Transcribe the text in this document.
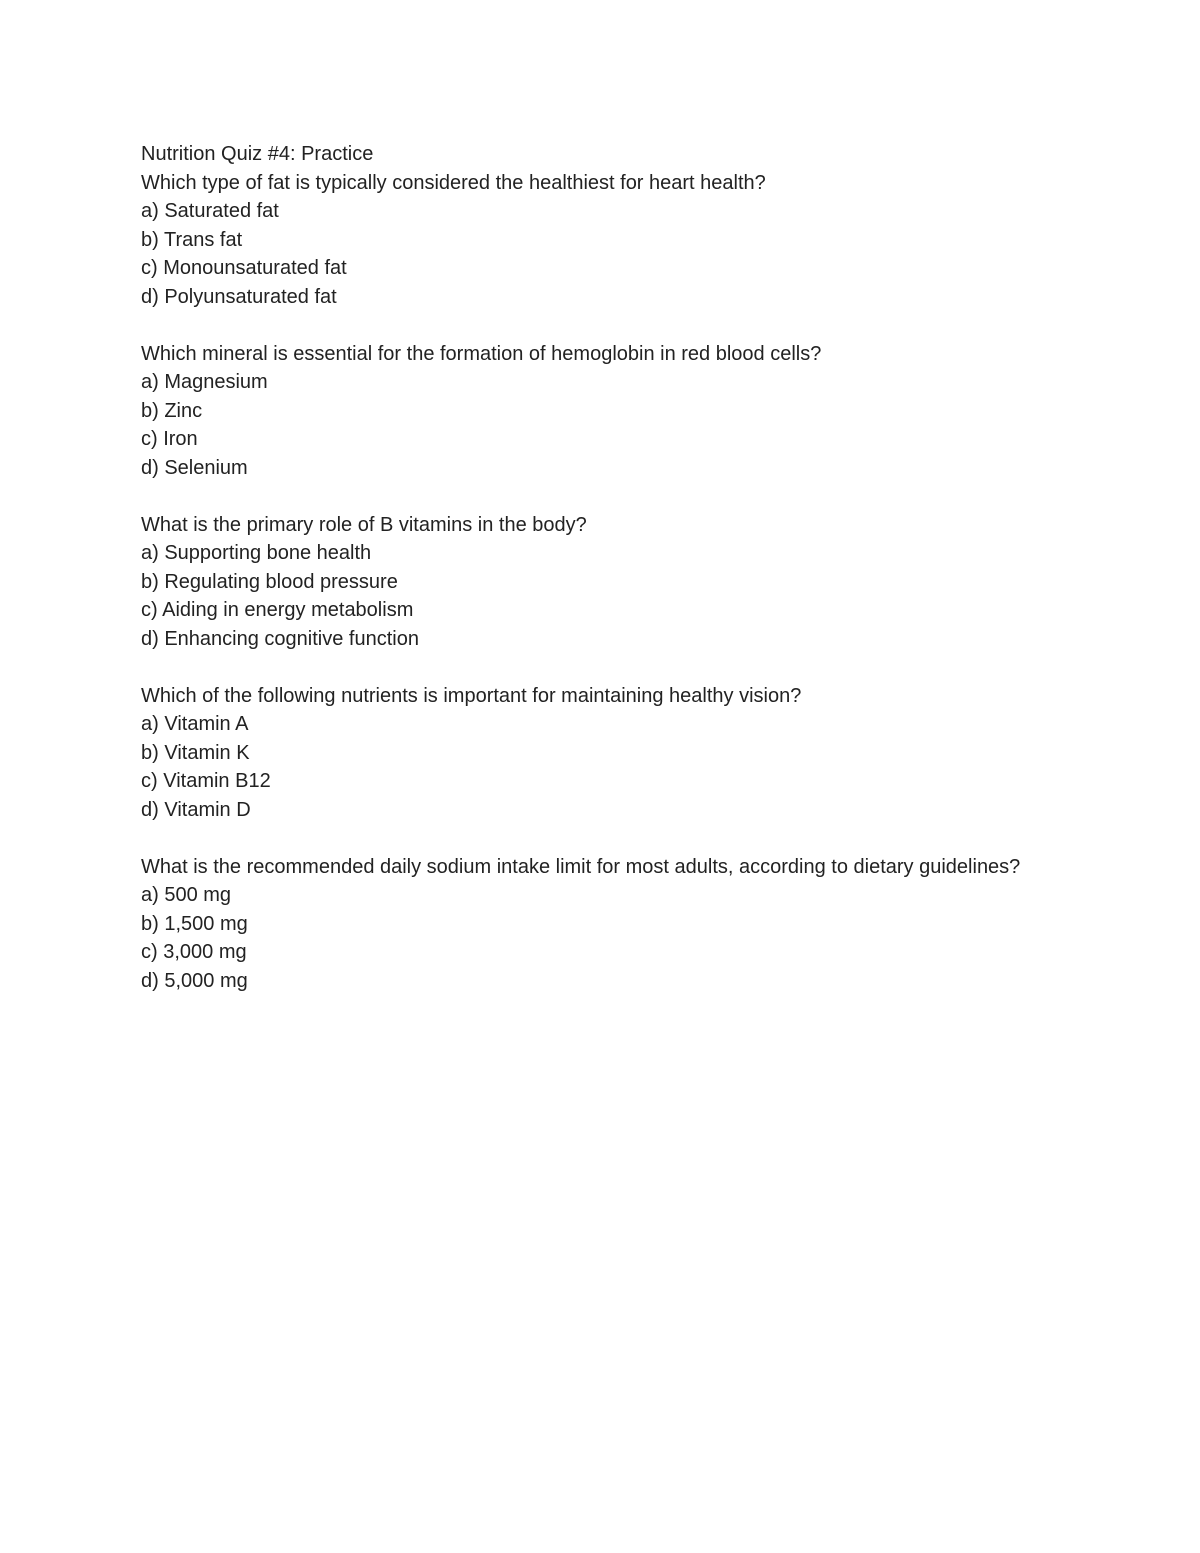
Nutrition Quiz #4: Practice

Which type of fat is typically considered the healthiest for heart health?

a) Saturated fat

b) Trans fat

c) Monounsaturated fat

d) Polyunsaturated fat

Which mineral is essential for the formation of hemoglobin in red blood cells?

a) Magnesium

b) Zinc

c) Iron

d) Selenium

What is the primary role of B vitamins in the body?

a) Supporting bone health

b) Regulating blood pressure

c) Aiding in energy metabolism

d) Enhancing cognitive function

Which of the following nutrients is important for maintaining healthy vision?

a) Vitamin A

b) Vitamin K

c) Vitamin B12

d) Vitamin D

What is the recommended daily sodium intake limit for most adults, according to dietary guidelines?

a) 500 mg

b) 1,500 mg

c) 3,000 mg

d) 5,000 mg
